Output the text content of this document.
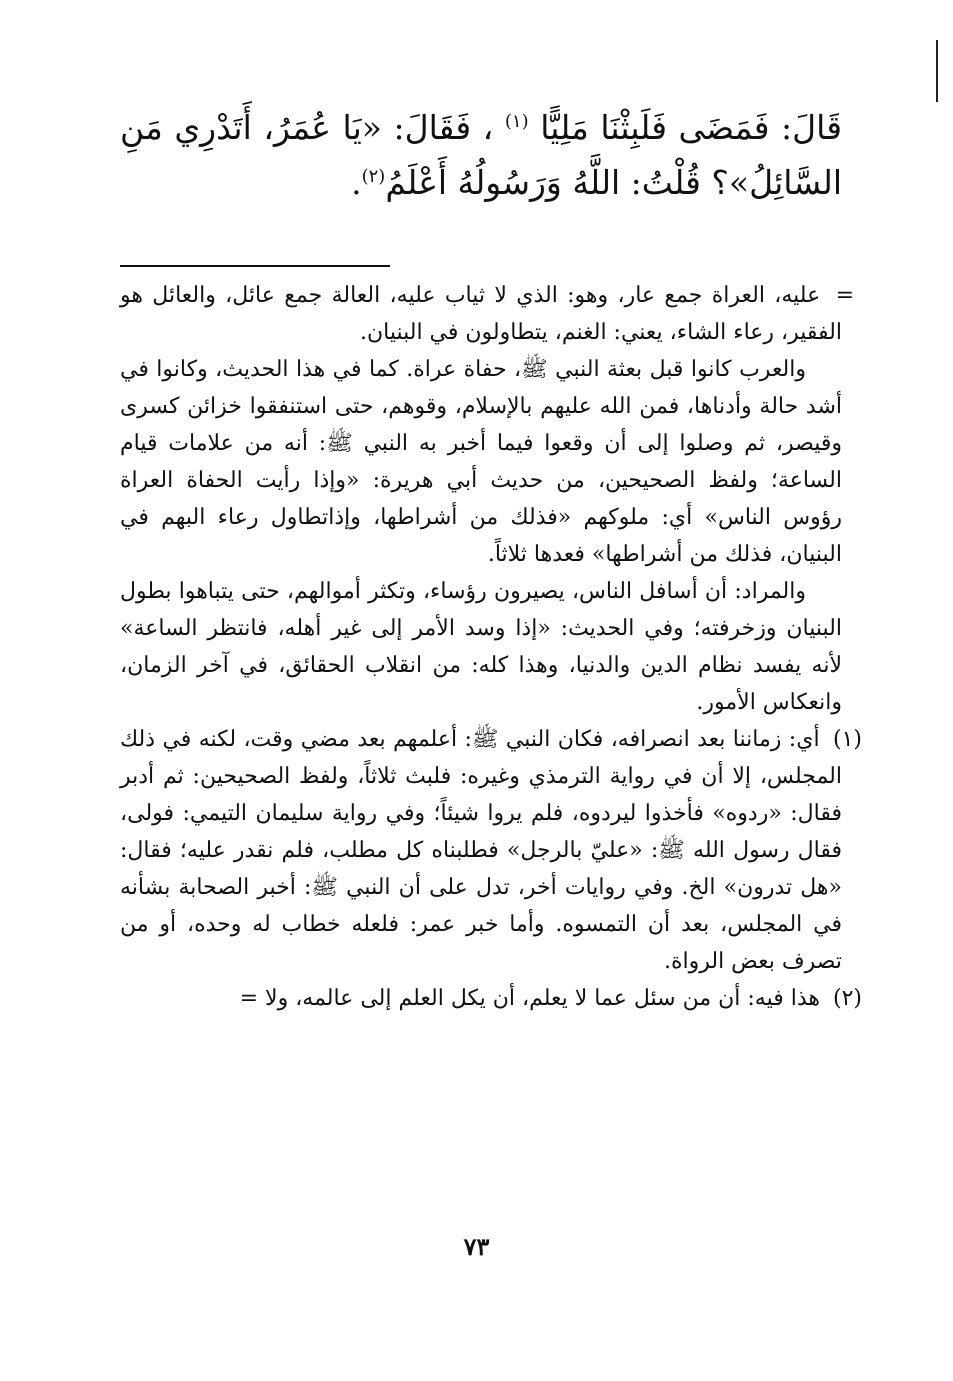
قَالَ: فَمَضَى فَلَبِثْنَا مَلِيًّا $^{(١)}$ ، فَقَالَ: «يَا عُمَرُ، أَتَدْرِي مَنِ السَّائِلُ»؟ قُلْتُ: اللَّهُ وَرَسُولُهُ أَعْلَمُ$^{(٢)}$.

= عليه، العراة جمع عار، وهو: الذي لا ثياب عليه، العالة جمع عائل، والعائل هو الفقير، رعاء الشاء، يعني: الغنم، يتطاولون في البنيان.

والعرب كانوا قبل بعثة النبي ﷺ، حفاة عراة. كما في هذا الحديث، وكانوا في أشد حالة وأدناها، فمن الله عليهم بالإسلام، وقوهم، حتى استنفقوا خزائن كسرى وقيصر، ثم وصلوا إلى أن وقعوا فيما أخبر به النبي ﷺ: أنه من علامات قيام الساعة؛ ولفظ الصحيحين، من حديث أبي هريرة: «وإذا رأيت الحفاة العراة رؤوس الناس» أي: ملوكهم «فذلك من أشراطها، وإذاتطاول رعاء البهم في البنيان، فذلك من أشراطها» فعدها ثلاثاً.

والمراد: أن أسافل الناس، يصيرون رؤساء، وتكثر أموالهم، حتى يتباهوا بطول البنيان وزخرفته؛ وفي الحديث: «إذا وسد الأمر إلى غير أهله، فانتظر الساعة» لأنه يفسد نظام الدين والدنيا، وهذا كله: من انقلاب الحقائق، في آخر الزمان، وانعكاس الأمور.

(١) أي: زماننا بعد انصرافه، فكان النبي ﷺ: أعلمهم بعد مضي وقت، لكنه في ذلك المجلس، إلا أن في رواية الترمذي وغيره: فلبث ثلاثاً، ولفظ الصحيحين: ثم أدبر فقال: «ردوه» فأخذوا ليردوه، فلم يروا شيئاً؛ وفي رواية سليمان التيمي: فولى، فقال رسول الله ﷺ: «عليّ بالرجل» فطلبناه كل مطلب، فلم نقدر عليه؛ فقال: «هل تدرون» الخ. وفي روايات أخر، تدل على أن النبي ﷺ: أخبر الصحابة بشأنه في المجلس، بعد أن التمسوه. وأما خبر عمر: فلعله خطاب له وحده، أو من تصرف بعض الرواة.

(٢) هذا فيه: أن من سئل عما لا يعلم، أن يكل العلم إلى عالمه، ولا =

٧٣
